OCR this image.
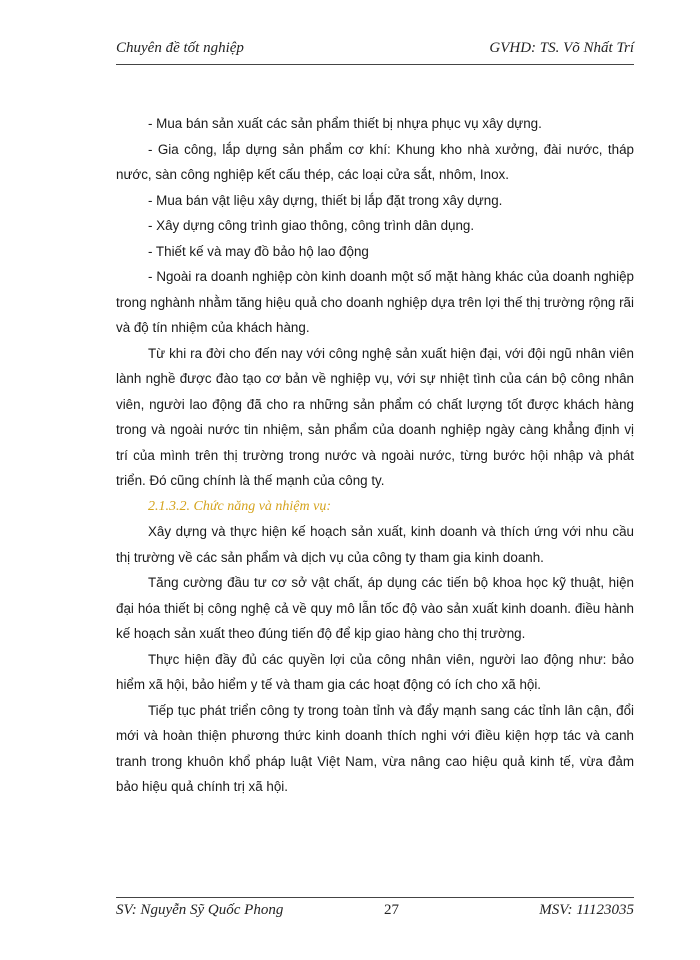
Chuyên đề tốt nghiệp	GVHD: TS. Võ Nhất Trí

- Mua bán sản xuất các sản phẩm thiết bị nhựa phục vụ xây dựng.

- Gia công, lắp dựng sản phẩm cơ khí: Khung kho nhà xưởng, đài nước, tháp nước, sàn công nghiệp kết cấu thép, các loại cửa sắt, nhôm, Inox.

- Mua bán vật liệu xây dựng, thiết bị lắp đặt trong xây dựng.

- Xây dựng công trình giao thông, công trình dân dụng.

- Thiết kế và may đồ bảo hộ lao động

- Ngoài ra doanh nghiệp còn kinh doanh một số mặt hàng khác của doanh nghiệp trong nghành nhằm tăng hiệu quả cho doanh nghiệp dựa trên lợi thế thị trường rộng rãi và độ tín nhiệm của khách hàng.

Từ khi ra đời cho đến nay với công nghệ sản xuất hiện đại, với đội ngũ nhân viên lành nghề được đào tạo cơ bản về nghiệp vụ, với sự nhiệt tình của cán bộ công nhân viên, người lao động đã cho ra những sản phẩm có chất lượng tốt được khách hàng trong và ngoài nước tin nhiệm, sản phẩm của doanh nghiệp ngày càng khẳng định vị trí của mình trên thị trường trong nước và ngoài nước, từng bước hội nhập và phát triển. Đó cũng chính là thế mạnh của công ty.

2.1.3.2. Chức năng và nhiệm vụ:

Xây dựng và thực hiện kế hoạch sản xuất, kinh doanh và thích ứng với nhu cầu thị trường về các sản phẩm và dịch vụ của công ty tham gia kinh doanh.

Tăng cường đầu tư cơ sở vật chất, áp dụng các tiến bộ khoa học kỹ thuật, hiện đại hóa thiết bị công nghệ cả về quy mô lẫn tốc độ vào sản xuất kinh doanh. điều hành kế hoạch sản xuất theo đúng tiến độ để kịp giao hàng cho thị trường.

Thực hiện đầy đủ các quyền lợi của công nhân viên, người lao động như: bảo hiểm xã hội, bảo hiểm y tế và tham gia các hoạt động có ích cho xã hội.

Tiếp tục phát triển công ty trong toàn tỉnh và đẩy mạnh sang các tỉnh lân cận, đổi mới và hoàn thiện phương thức kinh doanh thích nghi với điều kiện hợp tác và canh tranh trong khuôn khổ pháp luật Việt Nam, vừa nâng cao hiệu quả kinh tế, vừa đảm bảo hiệu quả chính trị xã hội.

SV: Nguyễn Sỹ Quốc Phong	27	MSV: 11123035
